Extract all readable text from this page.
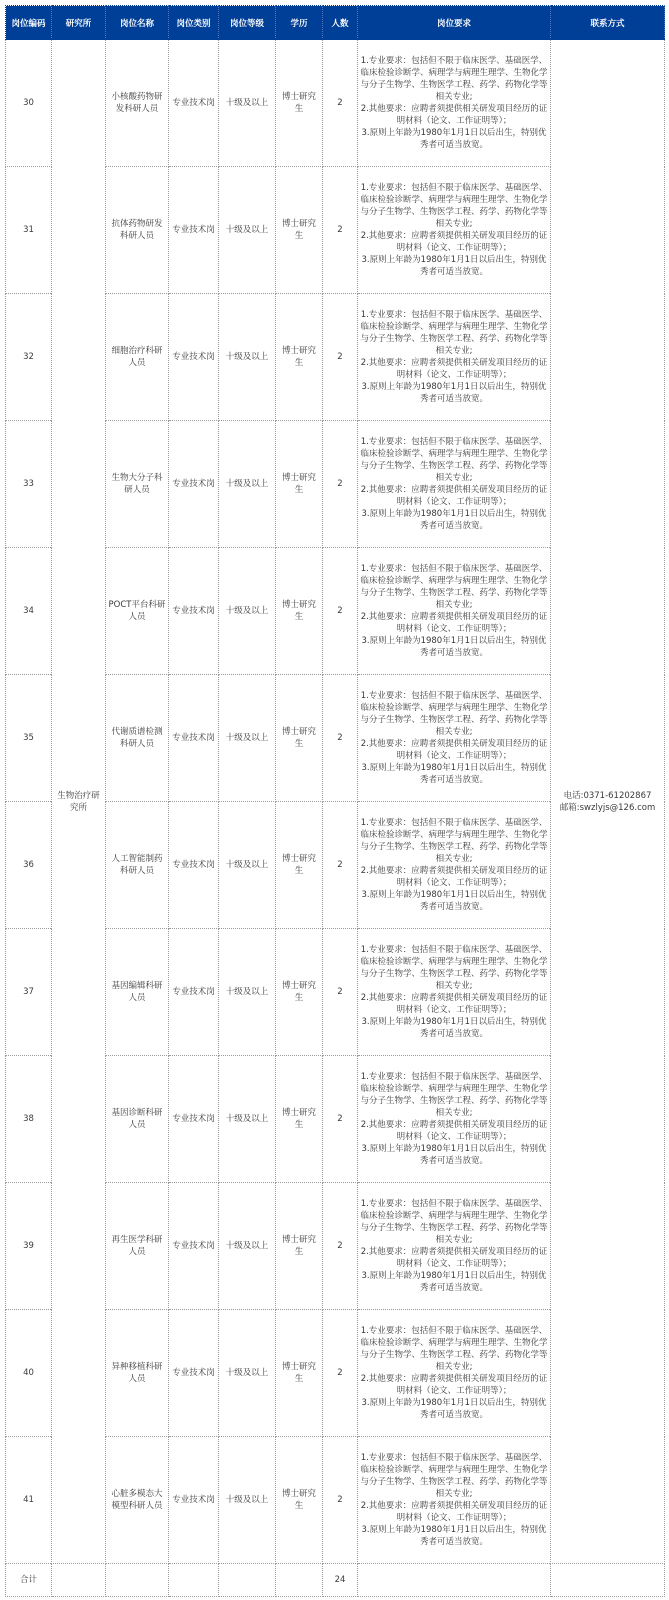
岗位编码	研究所	岗位名称	岗位类别	岗位等级	学历	人数	岗位要求	联系方式
30	生物治疗研究所	小核酸药物研发科研人员	专业技术岗	十级及以上	博士研究生	2	
1.专业要求：包括但不限于临床医学、基础医学、临床检验诊断学、病理学与病理生理学、生物化学与分子生物学、生物医学工程、药学、药物化学等相关专业;
2.其他要求：应聘者须提供相关研发项目经历的证明材料（论文、工作证明等）；
3.原则上年龄为1980年1月1日以后出生，特别优秀者可适当放宽。

电话:0371-61202867
邮箱:swzlyjs@126.com

31		抗体药物研发科研人员	专业技术岗	十级及以上	博士研究生	2	1.专业要求：包括但不限于临床医学、基础医学、临床检验诊断学、病理学与病理生理学、生物化学与分子生物学、生物医学工程、药学、药物化学等相关专业;
2.其他要求：应聘者须提供相关研发项目经历的证明材料（论文、工作证明等）；
3.原则上年龄为1980年1月1日以后出生，特别优秀者可适当放宽。	

32		细胞治疗科研人员	专业技术岗	十级及以上	博士研究生	2	1.专业要求：包括但不限于临床医学、基础医学、临床检验诊断学、病理学与病理生理学、生物化学与分子生物学、生物医学工程、药学、药物化学等相关专业;
2.其他要求：应聘者须提供相关研发项目经历的证明材料（论文、工作证明等）；
3.原则上年龄为1980年1月1日以后出生，特别优秀者可适当放宽。	

33		生物大分子科研人员	专业技术岗	十级及以上	博士研究生	2	1.专业要求：包括但不限于临床医学、基础医学、临床检验诊断学、病理学与病理生理学、生物化学与分子生物学、生物医学工程、药学、药物化学等相关专业;
2.其他要求：应聘者须提供相关研发项目经历的证明材料（论文、工作证明等）；
3.原则上年龄为1980年1月1日以后出生，特别优秀者可适当放宽。	

34		POCT平台科研人员	专业技术岗	十级及以上	博士研究生	2	1.专业要求：包括但不限于临床医学、基础医学、临床检验诊断学、病理学与病理生理学、生物化学与分子生物学、生物医学工程、药学、药物化学等相关专业;
2.其他要求：应聘者须提供相关研发项目经历的证明材料（论文、工作证明等）；
3.原则上年龄为1980年1月1日以后出生，特别优秀者可适当放宽。	

35		代谢质谱检测科研人员	专业技术岗	十级及以上	博士研究生	2	1.专业要求：包括但不限于临床医学、基础医学、临床检验诊断学、病理学与病理生理学、生物化学与分子生物学、生物医学工程、药学、药物化学等相关专业;
2.其他要求：应聘者须提供相关研发项目经历的证明材料（论文、工作证明等）；
3.原则上年龄为1980年1月1日以后出生，特别优秀者可适当放宽。	

36		人工智能制药科研人员	专业技术岗	十级及以上	博士研究生	2	1.专业要求：包括但不限于临床医学、基础医学、临床检验诊断学、病理学与病理生理学、生物化学与分子生物学、生物医学工程、药学、药物化学等相关专业;
2.其他要求：应聘者须提供相关研发项目经历的证明材料（论文、工作证明等）；
3.原则上年龄为1980年1月1日以后出生，特别优秀者可适当放宽。	

37		基因编辑科研人员	专业技术岗	十级及以上	博士研究生	2	1.专业要求：包括但不限于临床医学、基础医学、临床检验诊断学、病理学与病理生理学、生物化学与分子生物学、生物医学工程、药学、药物化学等相关专业;
2.其他要求：应聘者须提供相关研发项目经历的证明材料（论文、工作证明等）；
3.原则上年龄为1980年1月1日以后出生，特别优秀者可适当放宽。	

38		基因诊断科研人员	专业技术岗	十级及以上	博士研究生	2	1.专业要求：包括但不限于临床医学、基础医学、临床检验诊断学、病理学与病理生理学、生物化学与分子生物学、生物医学工程、药学、药物化学等相关专业;
2.其他要求：应聘者须提供相关研发项目经历的证明材料（论文、工作证明等）；
3.原则上年龄为1980年1月1日以后出生，特别优秀者可适当放宽。	

39		再生医学科研人员	专业技术岗	十级及以上	博士研究生	2	1.专业要求：包括但不限于临床医学、基础医学、临床检验诊断学、病理学与病理生理学、生物化学与分子生物学、生物医学工程、药学、药物化学等相关专业;
2.其他要求：应聘者须提供相关研发项目经历的证明材料（论文、工作证明等）；
3.原则上年龄为1980年1月1日以后出生，特别优秀者可适当放宽。	

40		异种移植科研人员	专业技术岗	十级及以上	博士研究生	2	1.专业要求：包括但不限于临床医学、基础医学、临床检验诊断学、病理学与病理生理学、生物化学与分子生物学、生物医学工程、药学、药物化学等相关专业;
2.其他要求：应聘者须提供相关研发项目经历的证明材料（论文、工作证明等）；
3.原则上年龄为1980年1月1日以后出生，特别优秀者可适当放宽。	

41		心脏多模态大模型科研人员	专业技术岗	十级及以上	博士研究生	2	1.专业要求：包括但不限于临床医学、基础医学、临床检验诊断学、病理学与病理生理学、生物化学与分子生物学、生物医学工程、药学、药物化学等相关专业;
2.其他要求：应聘者须提供相关研发项目经历的证明材料（论文、工作证明等）；
3.原则上年龄为1980年1月1日以后出生，特别优秀者可适当放宽。	

合计						24		
